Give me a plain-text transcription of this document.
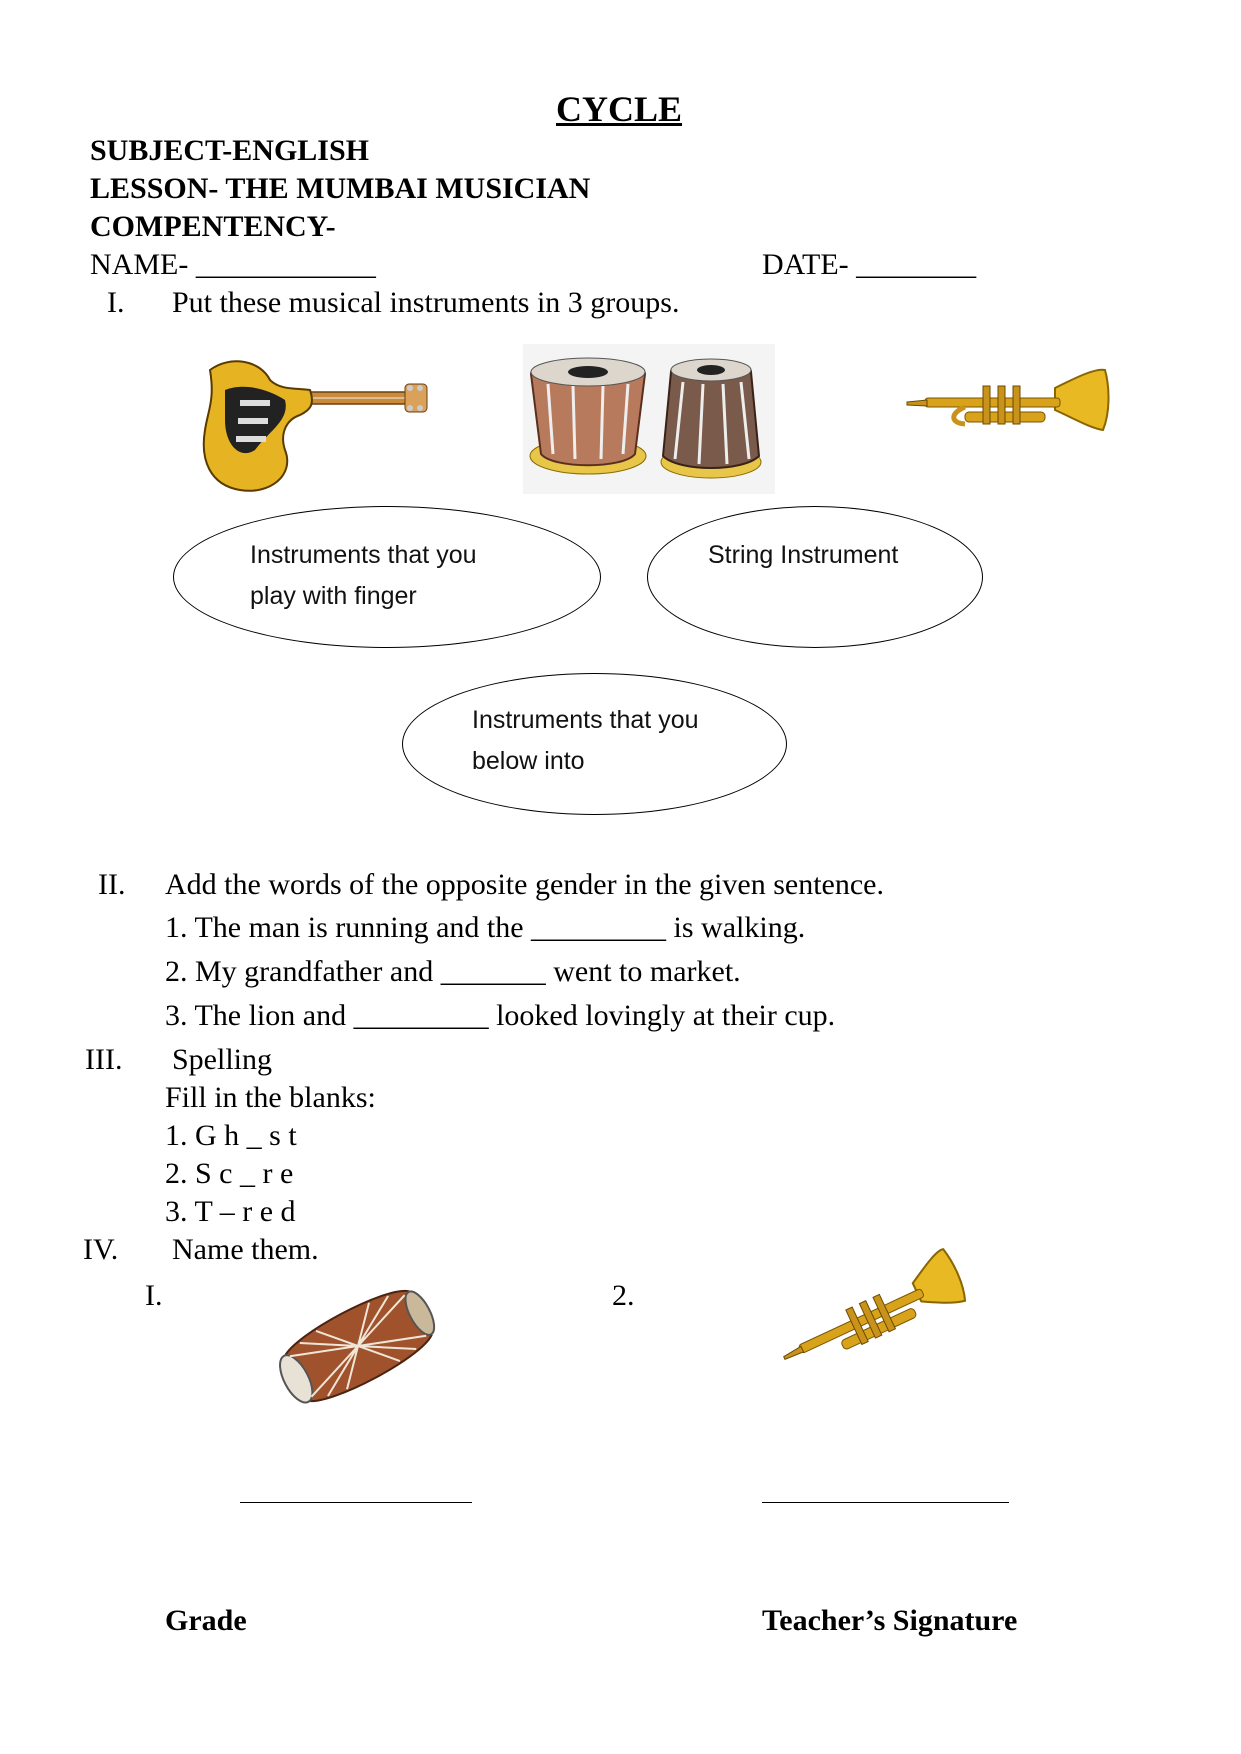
CYCLE
SUBJECT-ENGLISH
LESSON- THE MUMBAI MUSICIAN
COMPENTENCY-
NAME- ____________	DATE- ________
I. Put these musical instruments in 3 groups.
Instruments that you
play with finger
String Instrument
Instruments that you
below into
II. Add the words of the opposite gender in the given sentence.
1. The man is running and the _________ is walking.
2. My grandfather and _______ went to market.
3. The lion and _________ looked lovingly at their cup.
III. Spelling
Fill in the blanks:
1. G h _ s t
2. S c _ r e
3. T – r e d
IV. Name them.
I.	2.
Grade	Teacher’s Signature
